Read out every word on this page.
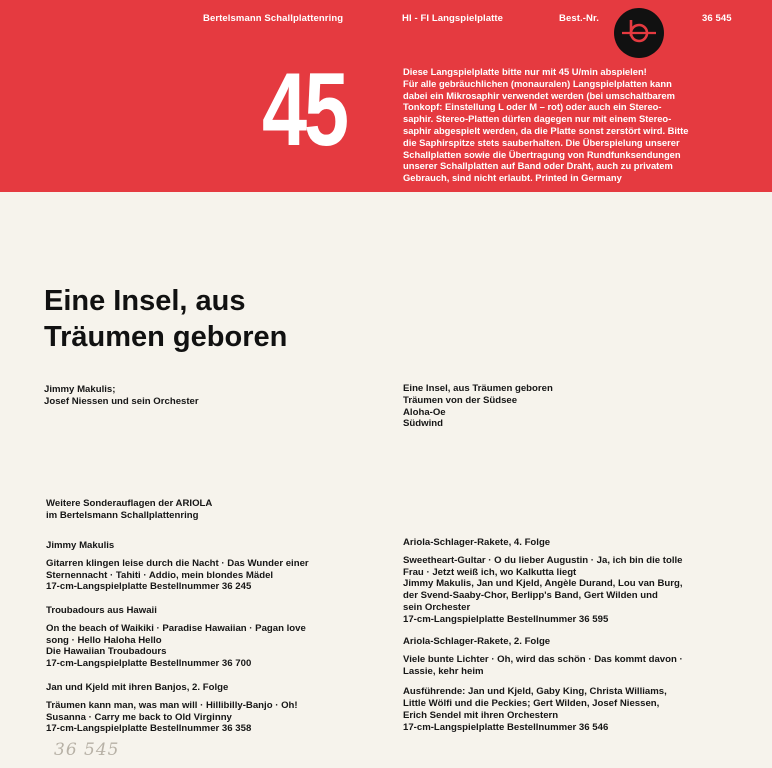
Bertelsmann Schallplattenring	HI - FI Langspielplatte	Best.-Nr.	36 545
45	Diese Langspielplatte bitte nur mit 45 U/min abspielen!
Für alle gebräuchlichen (monauralen) Langspielplatten kann
dabei ein Mikrosaphir verwendet werden (bei umschaltbarem
Tonkopf: Einstellung L oder M – rot) oder auch ein Stereo-
saphir. Stereo-Platten dürfen dagegen nur mit einem Stereo-
saphir abgespielt werden, da die Platte sonst zerstört wird. Bitte
die Saphirspitze stets sauberhalten. Die Überspielung unserer
Schallplatten sowie die Übertragung von Rundfunksendungen
unserer Schallplatten auf Band oder Draht, auch zu privatem
Gebrauch, sind nicht erlaubt. Printed in Germany
Eine Insel, aus
Träumen geboren
Jimmy Makulis;
Josef Niessen und sein Orchester
Eine Insel, aus Träumen geboren
Träumen von der Südsee
Aloha-Oe
Südwind
Weitere Sonderauflagen der ARIOLA
im Bertelsmann Schallplattenring
Jimmy Makulis
Gitarren klingen leise durch die Nacht · Das Wunder einer
Sternennacht · Tahiti · Addio, mein blondes Mädel
17-cm-Langspielplatte Bestellnummer 36 245
Troubadours aus Hawaii
On the beach of Waikiki · Paradise Hawaiian · Pagan love
song · Hello Haloha Hello
Die Hawaiian Troubadours
17-cm-Langspielplatte Bestellnummer 36 700
Jan und Kjeld mit ihren Banjos, 2. Folge
Träumen kann man, was man will · Hillibilly-Banjo · Oh!
Susanna · Carry me back to Old Virginny
17-cm-Langspielplatte Bestellnummer 36 358
Ariola-Schlager-Rakete, 4. Folge
Sweetheart-Gultar · O du lieber Augustin · Ja, ich bin die tolle
Frau · Jetzt weiß ich, wo Kalkutta liegt
Jimmy Makulis, Jan und Kjeld, Angèle Durand, Lou van Burg,
der Svend-Saaby-Chor, Berlipp's Band, Gert Wilden und
sein Orchester
17-cm-Langspielplatte Bestellnummer 36 595
Ariola-Schlager-Rakete, 2. Folge
Viele bunte Lichter · Oh, wird das schön · Das kommt davon ·
Lassie, kehr heim
Ausführende: Jan und Kjeld, Gaby King, Christa Williams,
Little Wölfi und die Peckies; Gert Wilden, Josef Niessen,
Erich Sendel mit ihren Orchestern
17-cm-Langspielplatte Bestellnummer 36 546
36 545
